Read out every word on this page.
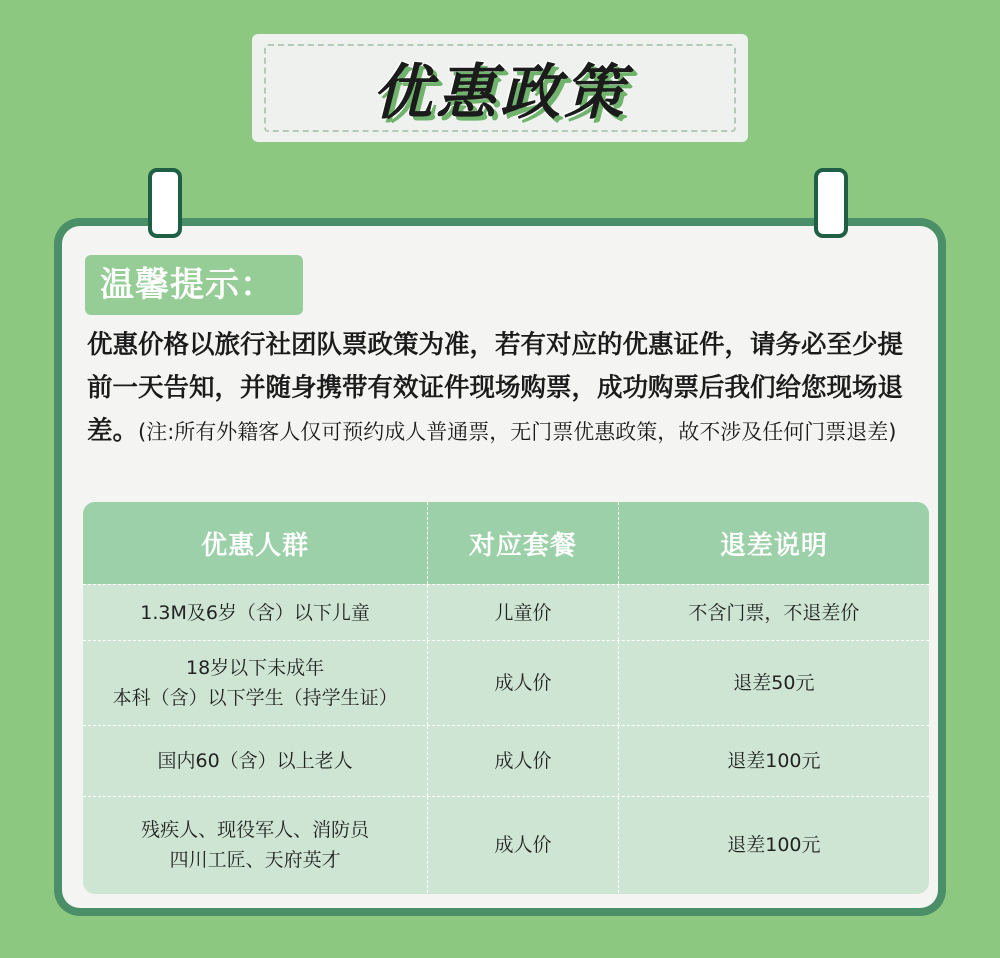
优惠政策
温馨提示：
优惠价格以旅行社团队票政策为准，若有对应的优惠证件，请务必至少提前一天告知，并随身携带有效证件现场购票，成功购票后我们给您现场退差。(注:所有外籍客人仅可预约成人普通票，无门票优惠政策，故不涉及任何门票退差)
优惠人群	对应套餐	退差说明
1.3M及6岁（含）以下儿童	儿童价	不含门票，不退差价
18岁以下未成年
本科（含）以下学生（持学生证）
成人价	退差50元
国内60（含）以上老人	成人价	退差100元
残疾人、现役军人、消防员
四川工匠、天府英才
成人价	退差100元
